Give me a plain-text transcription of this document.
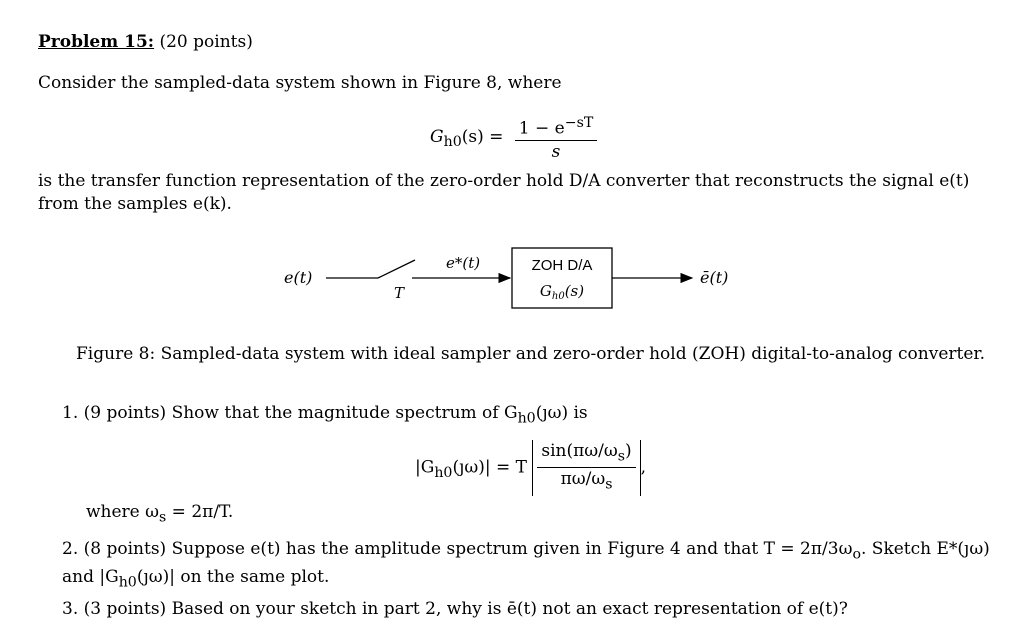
Problem 15: (20 points)
Consider the sampled-data system shown in Figure 8, where
$G_{h0}(s) = \frac{1 - e^{-sT}}{s}$
is the transfer function representation of the zero-order hold D/A converter that reconstructs the signal e(t) from the samples e(k).
e(t)
T
e*(t)	ZOH D/A
$G_{h0}(s)$
ē(t)
Figure 8: Sampled-data system with ideal sampler and zero-order hold (ZOH) digital-to-analog converter.
1. (9 points) Show that the magnitude spectrum of $G_{h0}(ȷ\omega)$ is
$|G_{h0}(ȷ\omega)| = T \frac{\sin(\pi\omega/\omega_s)}{\pi\omega/\omega_s}$ ,
where $\omega_s = 2\pi/T$.
2. (8 points) Suppose e(t) has the amplitude spectrum given in Figure 4 and that $T = 2\pi/3\omega_o$. Sketch E*(ȷω) and $|G_{h0}(ȷ\omega)|$ on the same plot.
3. (3 points) Based on your sketch in part 2, why is ē(t) not an exact representation of e(t)?
